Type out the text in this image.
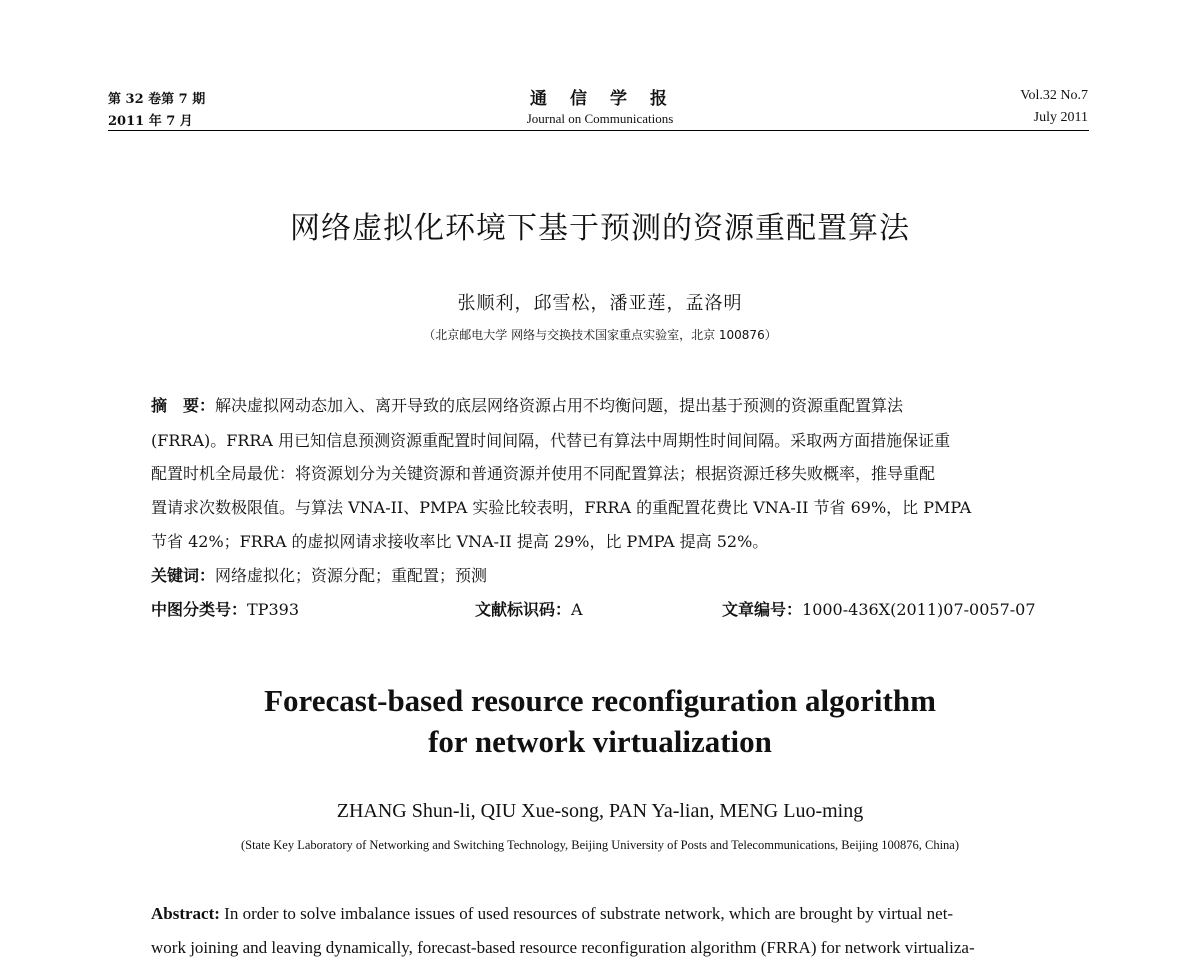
第 32 卷第 7 期
2011 年 7 月
通　信　学　报
Journal on Communications
Vol.32 No.7
July 2011
网络虚拟化环境下基于预测的资源重配置算法
张顺利，邱雪松，潘亚莲，孟洛明
（北京邮电大学 网络与交换技术国家重点实验室，北京 100876）
摘　要：解决虚拟网动态加入、离开导致的底层网络资源占用不均衡问题，提出基于预测的资源重配置算法
(FRRA)。FRRA 用已知信息预测资源重配置时间间隔，代替已有算法中周期性时间间隔。采取两方面措施保证重
配置时机全局最优：将资源划分为关键资源和普通资源并使用不同配置算法；根据资源迁移失败概率，推导重配
置请求次数极限值。与算法 VNA-II、PMPA 实验比较表明，FRRA 的重配置花费比 VNA-II 节省 69%，比 PMPA
节省 42%；FRRA 的虚拟网请求接收率比 VNA-II 提高 29%，比 PMPA 提高 52%。
关键词：网络虚拟化；资源分配；重配置；预测
中图分类号：TP393	文献标识码：A	文章编号：1000-436X(2011)07-0057-07
Forecast-based resource reconfiguration algorithm
for network virtualization
ZHANG Shun-li, QIU Xue-song, PAN Ya-lian, MENG Luo-ming
(State Key Laboratory of Networking and Switching Technology, Beijing University of Posts and Telecommunications, Beijing 100876, China)
Abstract: In order to solve imbalance issues of used resources of substrate network, which are brought by virtual net-
work joining and leaving dynamically, forecast-based resource reconfiguration algorithm (FRRA) for network virtualiza-
